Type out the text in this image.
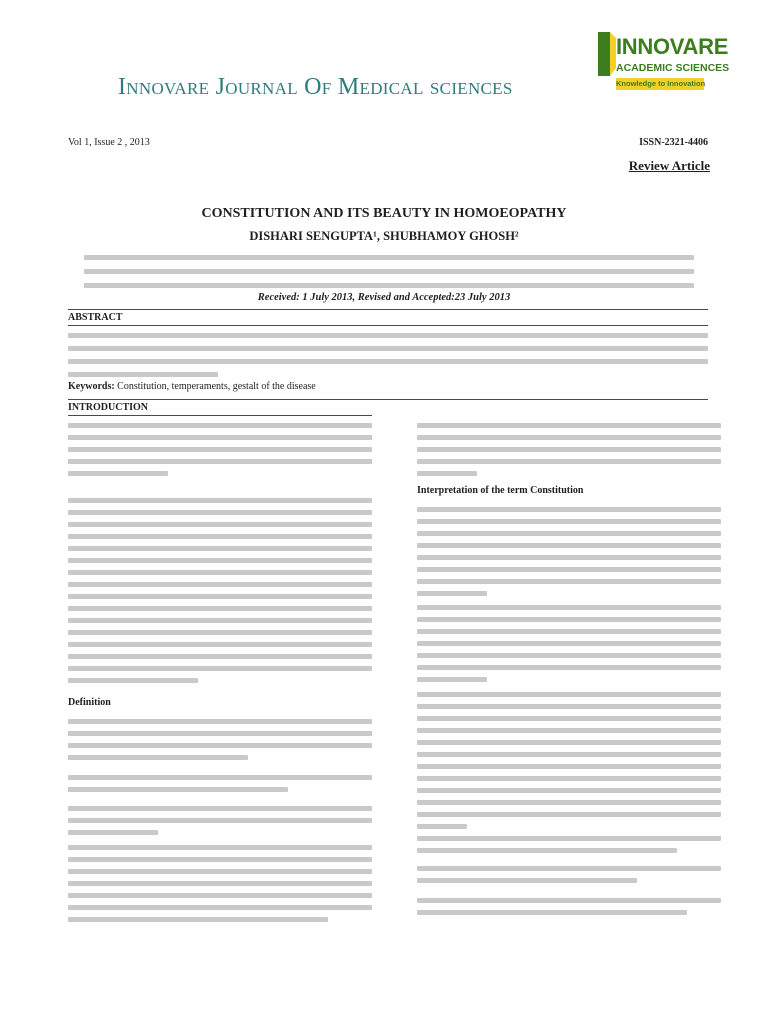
Innovare Journal Of Medical sciences
INNOVARE
ACADEMIC SCIENCES
Knowledge to Innovation
Vol 1, Issue 2 , 2013	ISSN-2321-4406
Review Article
CONSTITUTION AND ITS BEAUTY IN HOMOEOPATHY
DISHARI SENGUPTA¹, SHUBHAMOY GHOSH²
Received: 1 July 2013, Revised and Accepted:23 July 2013
ABSTRACT
Keywords: Constitution, temperaments, gestalt of the disease
INTRODUCTION
Definition
Interpretation of the term Constitution
